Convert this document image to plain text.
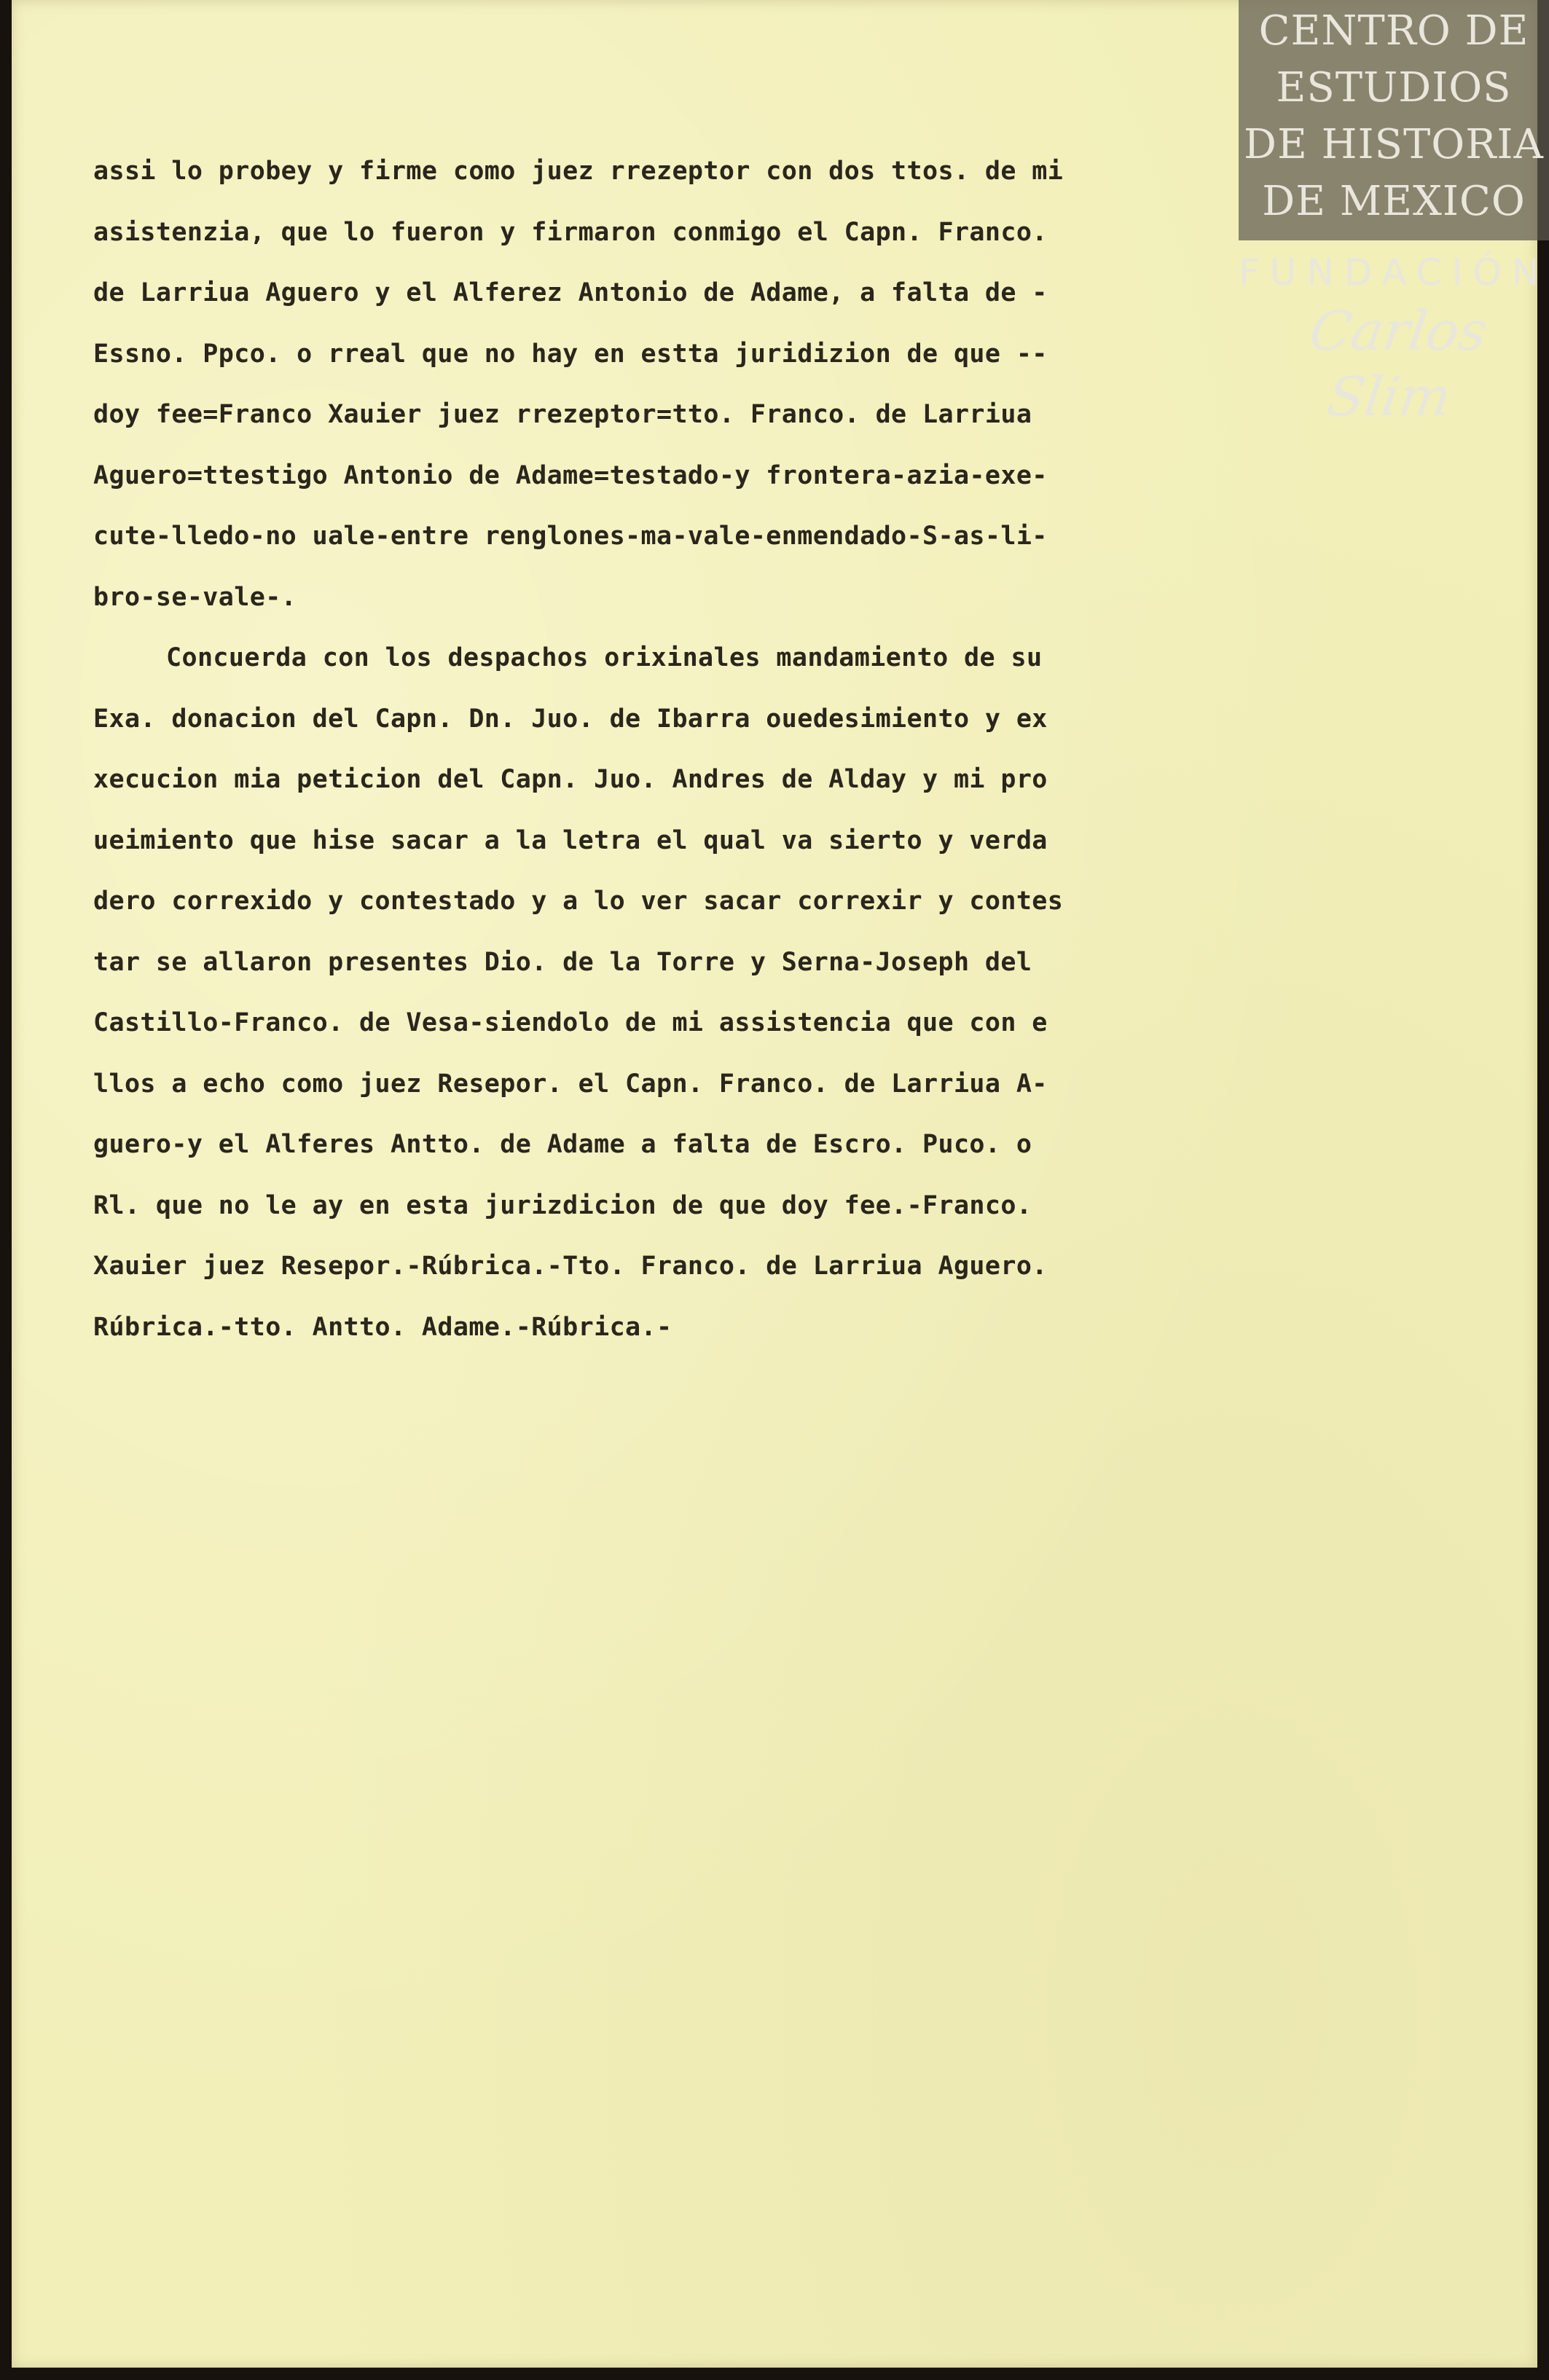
assi lo probey y firme como juez rrezeptor con dos ttos. de mi
asistenzia, que lo fueron y firmaron conmigo el Capn. Franco.
de Larriua Aguero y el Alferez Antonio de Adame, a falta de -
Essno. Ppco. o rreal que no hay en estta juridizion de que --
doy fee=Franco Xauier juez rrezeptor=tto. Franco. de Larriua
Aguero=ttestigo Antonio de Adame=testado-y frontera-azia-exe-
cute-lledo-no uale-entre renglones-ma-vale-enmendado-S-as-li-
bro-se-vale-.
Concuerda con los despachos orixinales mandamiento de su
Exa. donacion del Capn. Dn. Juo. de Ibarra ouedesimiento y ex
xecucion mia peticion del Capn. Juo. Andres de Alday y mi pro
ueimiento que hise sacar a la letra el qual va sierto y verda
dero correxido y contestado y a lo ver sacar correxir y contes
tar se allaron presentes Dio. de la Torre y Serna-Joseph del
Castillo-Franco. de Vesa-siendolo de mi assistencia que con e
llos a echo como juez Resepor. el Capn. Franco. de Larriua A-
guero-y el Alferes Antto. de Adame a falta de Escro. Puco. o
Rl. que no le ay en esta jurizdicion de que doy fee.-Franco.
Xauier juez Resepor.-Rúbrica.-Tto. Franco. de Larriua Aguero.
Rúbrica.-tto. Antto. Adame.-Rúbrica.-
CENTRO DE
ESTUDIOS
DE HISTORIA
DE MEXICO
FUNDACIÓN
Carlos Slim
